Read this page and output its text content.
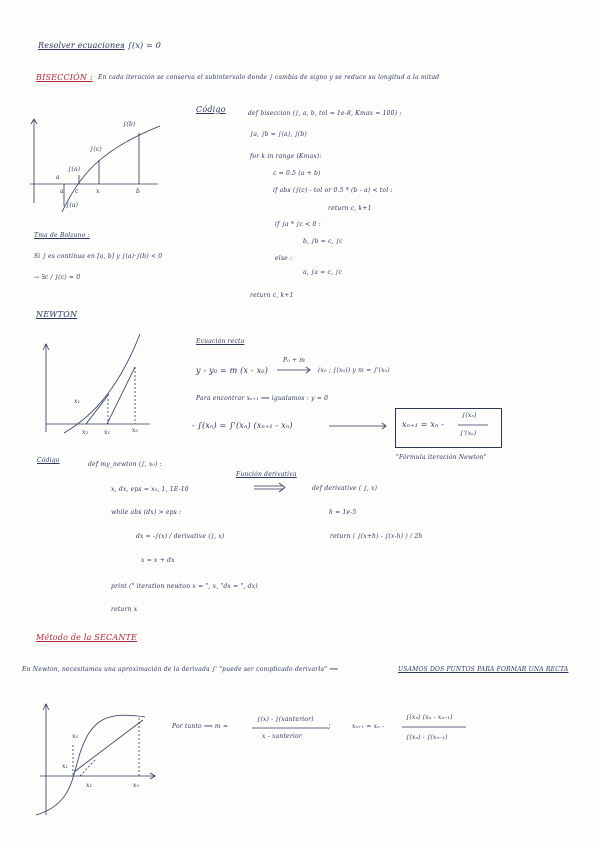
Resolver ecuaciones
: ∫(x) = 0
BISECCIÓN : En cada iteración se conserva el subintervalo donde ∫ cambia de signo y se reduce su longitud a la mitad
Código
∫(b)
∫(c)
∫(a)
a
a c	x	b
∫(a)
def biseccion (∫, a, b, tol = 1e-8, Kmax = 100) :
∫a, ∫b = ∫(a), ∫(b)
for k in range (Kmax):
c = 0.5 (a + b)
if abs (∫(c) - tol or 0.5 * (b - a) < tol :
return c, k+1
if ∫a * ∫c < 0 :
b, ∫b = c, ∫c
else :
a, ∫a = c, ∫c
return c, k+1
Tma de Bolzano :
Si ∫ es continua en [a, b] y ∫(a)·∫(b) < 0
→ ∃c / ∫(c) = 0
NEWTON
x₁
x₂	x₁	x₀
Ecuación recta
y - y₀ = m (x - x₀)
P₀ + m
(x₀ ; ∫(x₀)) y m = ∫'(x₀)
Para encontrar xₙ₊₁ ⟹ igualamos : y = 0
- ∫(xₙ) = ∫'(xₙ) (xₙ₊₁ - xₙ)	xₙ₊₁ = xₙ -
∫(xₙ)
∫'(xₙ)
"Fórmula iteración Newton"
Código
def my_newton (∫, x₀) :
x, dx, eps = x₀, 1, 1E-10
while abs (dx) > eps :
dx = -∫(x) / derivative (∫, x)
x = x + dx
print (" iteration newton x = ", x, "dx = ", dx)
return x
Función derivativa
def derivative ( ∫, x)
h = 1e-5
return ( ∫(x+h) - ∫(x-h) ) / 2h
Método de la SECANTE
En Newton, necesitamos una aproximación de la derivada ∫' "puede ser complicado derivarla" ⟹	USAMOS DOS PUNTOS PARA FORMAR UNA RECTA
x₀
x₁
x₁	x₀
Por tanto ⟹ m =
∫(x) - ∫(xanterior)
x - xanterior
;	xₙ₊₁ = xₙ -
∫(xₙ) (xₙ - xₙ₋₁)
∫(xₙ) - ∫(xₙ₋₁)
